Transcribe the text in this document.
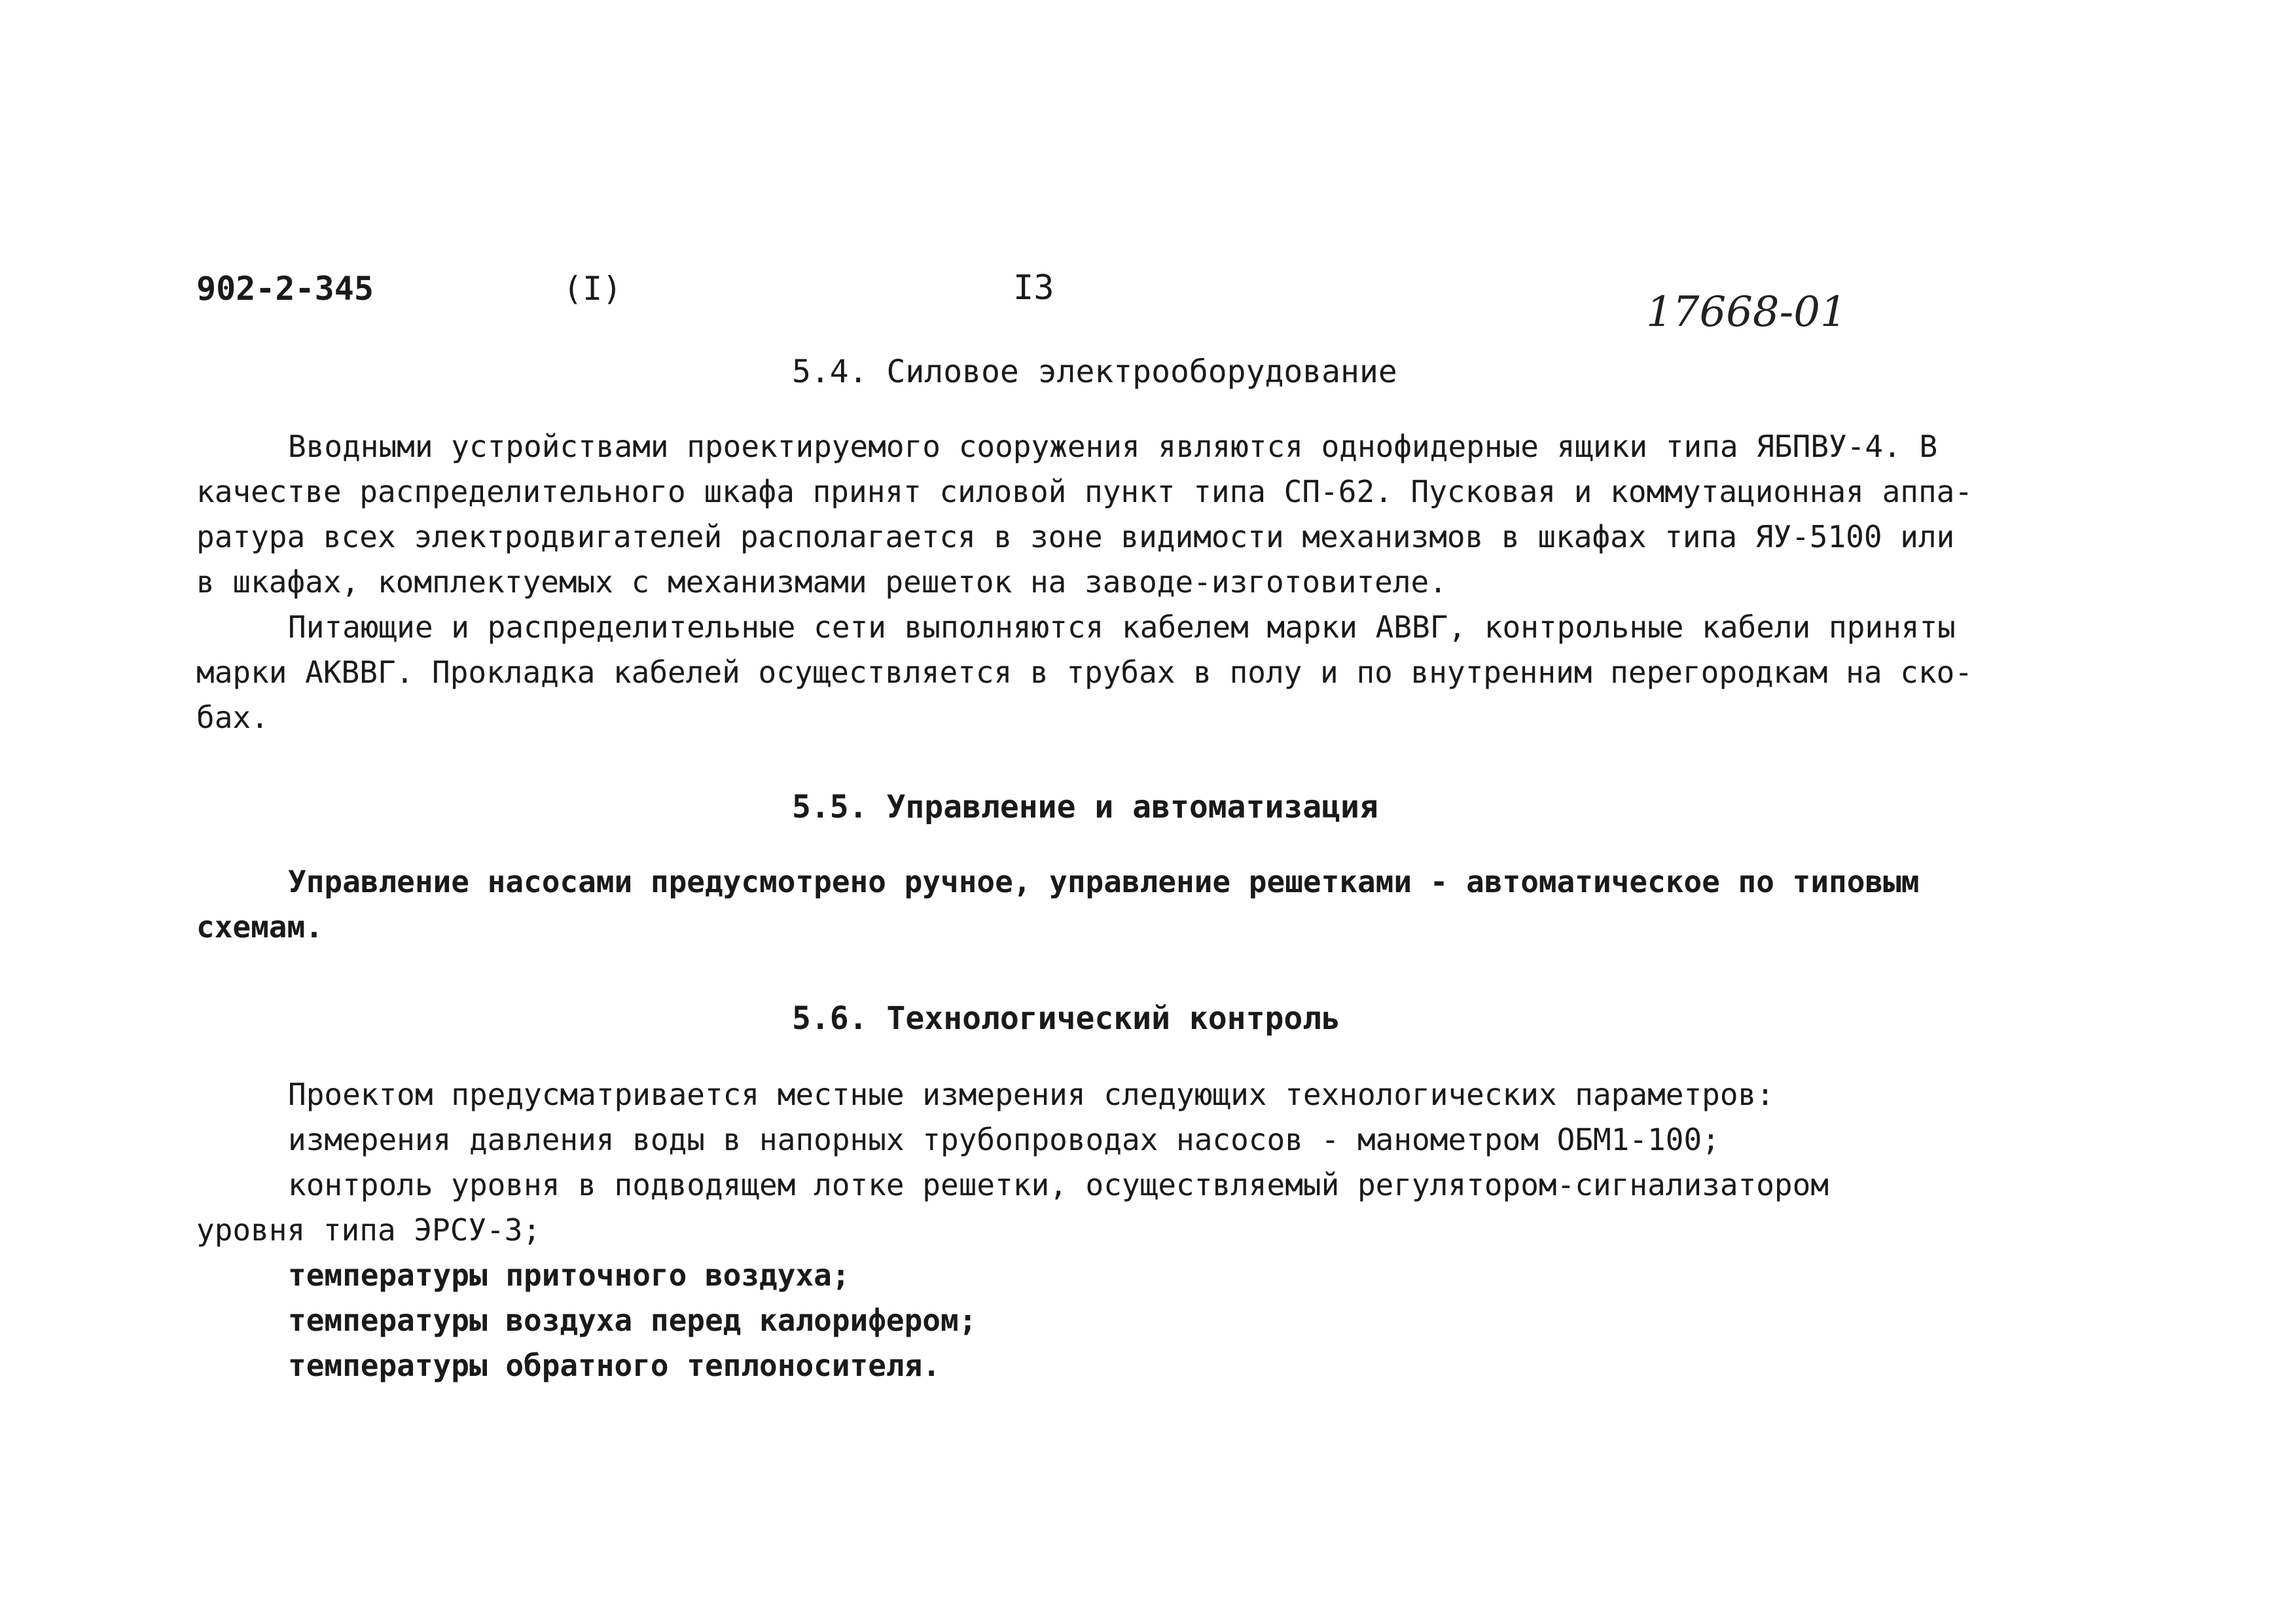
902-2-345	(I)	I3	17668-01
5.4. Силовое электрооборудование
Вводными устройствами проектируемого сооружения являются однофидерные ящики типа ЯБПВУ-4. В
качестве распределительного шкафа принят силовой пункт типа СП-62. Пусковая и коммутационная аппа-
ратура всех электродвигателей располагается в зоне видимости механизмов в шкафах типа ЯУ-5100 или
в шкафах, комплектуемых с механизмами решеток на заводе-изготовителе.
Питающие и распределительные сети выполняются кабелем марки АВВГ, контрольные кабели приняты
марки АКВВГ. Прокладка кабелей осуществляется в трубах в полу и по внутренним перегородкам на ско-
бах.
5.5. Управление и автоматизация
Управление насосами предусмотрено ручное, управление решетками - автоматическое по типовым
схемам.
5.6. Технологический контроль
Проектом предусматривается местные измерения следующих технологических параметров:
измерения давления воды в напорных трубопроводах насосов - манометром ОБМ1-100;
контроль уровня в подводящем лотке решетки, осуществляемый регулятором-сигнализатором
уровня типа ЭРСУ-3;
температуры приточного воздуха;
температуры воздуха перед калорифером;
температуры обратного теплоносителя.
